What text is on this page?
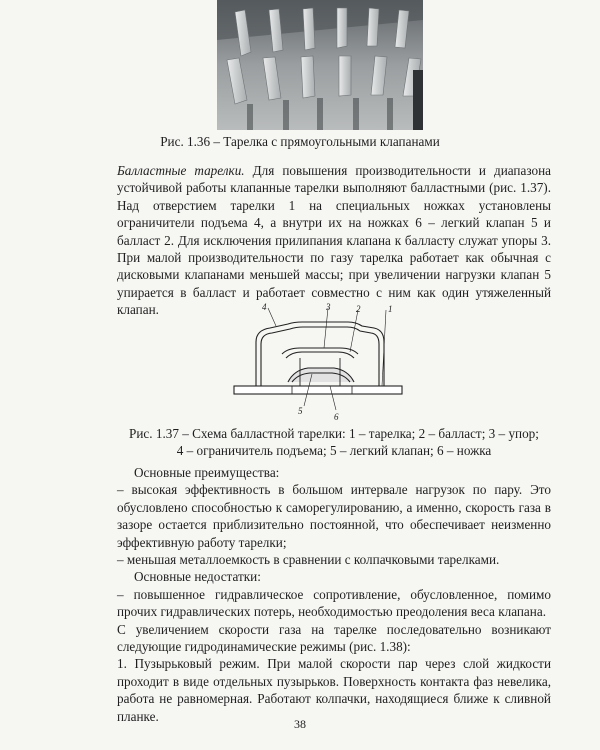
Рис. 1.36 – Тарелка с прямоугольными клапанами

Балластные тарелки. Для повышения производительности и диапазона устойчивой работы клапанные тарелки выполняют балластными (рис. 1.37). Над отверстием тарелки 1 на специальных ножках установлены ограничители подъема 4, а внутри их на ножках 6 – легкий клапан 5 и балласт 2. Для исключения прилипания клапана к балласту служат упоры 3. При малой производительности по газу тарелка работает как обычная с дисковыми клапанами меньшей массы; при увеличении нагрузки клапан 5 упирается в балласт и работает совместно с ним как один утяжеленный клапан.	4	3	2	1
5
6
Рис. 1.37 – Схема балластной тарелки: 1 – тарелка; 2 – балласт; 3 – упор;
4 – ограничитель подъема; 5 – легкий клапан; 6 – ножка

Основные преимущества:

– высокая эффективность в большом интервале нагрузок по пару. Это обусловлено способностью к саморегулированию, а именно, скорость газа в зазоре остается приблизительно постоянной, что обеспечивает неизменно эффективную работу тарелки;

– меньшая металлоемкость в сравнении с колпачковыми тарелками.

Основные недостатки:

– повышенное гидравлическое сопротивление, обусловленное, помимо прочих гидравлических потерь, необходимостью преодоления веса клапана.

С увеличением скорости газа на тарелке последовательно возникают следующие гидродинамические режимы (рис. 1.38):

1. Пузырьковый режим. При малой скорости пар через слой жидкости проходит в виде отдельных пузырьков. Поверхность контакта фаз невелика, работа не равномерная. Работают колпачки, находящиеся ближе к сливной планке.

38
